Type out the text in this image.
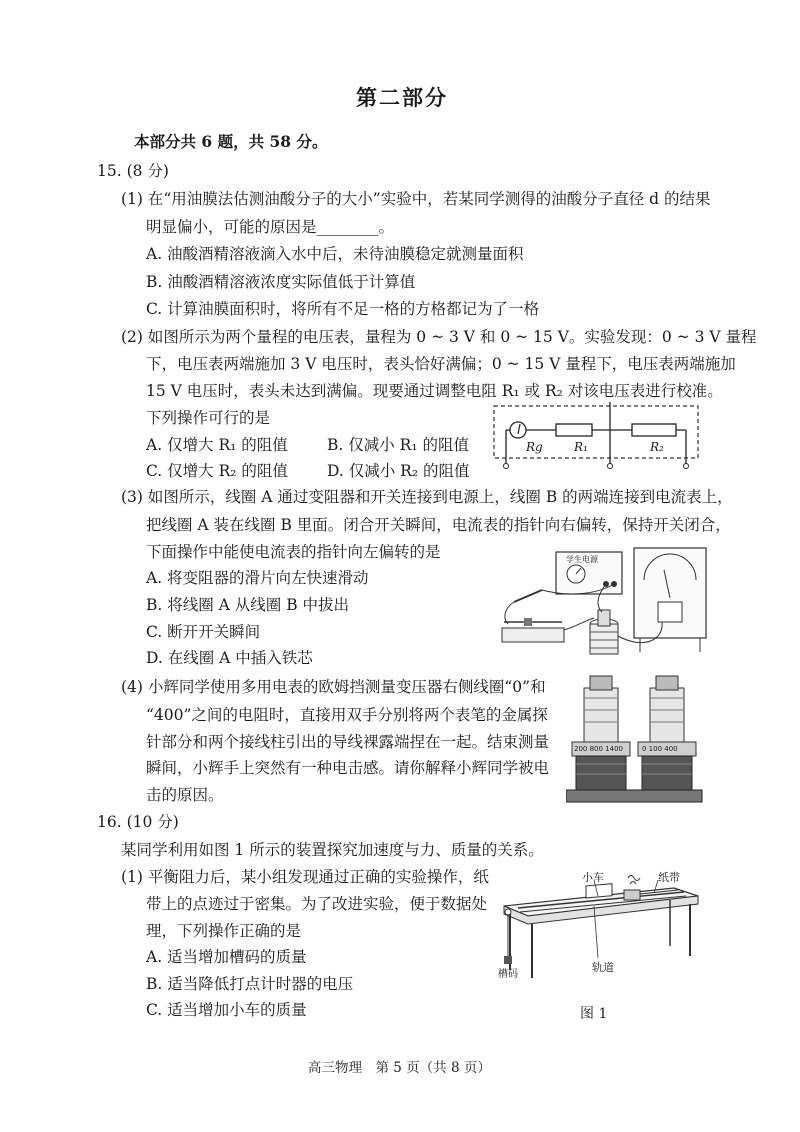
第二部分
本部分共 6 题，共 58 分。
15. (8 分)
(1) 在“用油膜法估测油酸分子的大小”实验中，若某同学测得的油酸分子直径 d 的结果
明显偏小，可能的原因是________。
A. 油酸酒精溶液滴入水中后，未待油膜稳定就测量面积
B. 油酸酒精溶液浓度实际值低于计算值
C. 计算油膜面积时，将所有不足一格的方格都记为了一格
(2) 如图所示为两个量程的电压表，量程为 0 ~ 3 V 和 0 ~ 15 V。实验发现：0 ~ 3 V 量程
下，电压表两端施加 3 V 电压时，表头恰好满偏；0 ~ 15 V 量程下，电压表两端施加
15 V 电压时，表头未达到满偏。现要通过调整电阻 R₁ 或 R₂ 对该电压表进行校准。
下列操作可行的是
A. 仅增大 R₁ 的阻值	B. 仅减小 R₁ 的阻值
C. 仅增大 R₂ 的阻值	D. 仅减小 R₂ 的阻值
Rg	R₁	R₂
(3) 如图所示，线圈 A 通过变阻器和开关连接到电源上，线圈 B 的两端连接到电流表上，
把线圈 A 装在线圈 B 里面。闭合开关瞬间，电流表的指针向右偏转，保持开关闭合，
下面操作中能使电流表的指针向左偏转的是
A. 将变阻器的滑片向左快速滑动
B. 将线圈 A 从线圈 B 中拔出
C. 断开开关瞬间
D. 在线圈 A 中插入铁芯
学生电源
(4) 小辉同学使用多用电表的欧姆挡测量变压器右侧线圈“0”和
“400”之间的电阻时，直接用双手分别将两个表笔的金属探
针部分和两个接线柱引出的导线裸露端捏在一起。结束测量
瞬间，小辉手上突然有一种电击感。请你解释小辉同学被电
击的原因。
200 800 1400	0 100 400
16. (10 分)
某同学利用如图 1 所示的装置探究加速度与力、质量的关系。
(1) 平衡阻力后，某小组发现通过正确的实验操作，纸
带上的点迹过于密集。为了改进实验，便于数据处
理，下列操作正确的是
A. 适当增加槽码的质量
B. 适当降低打点计时器的电压
C. 适当增加小车的质量
小车	纸带
轨道
槽码
图 1
高三物理　第 5 页（共 8 页）
